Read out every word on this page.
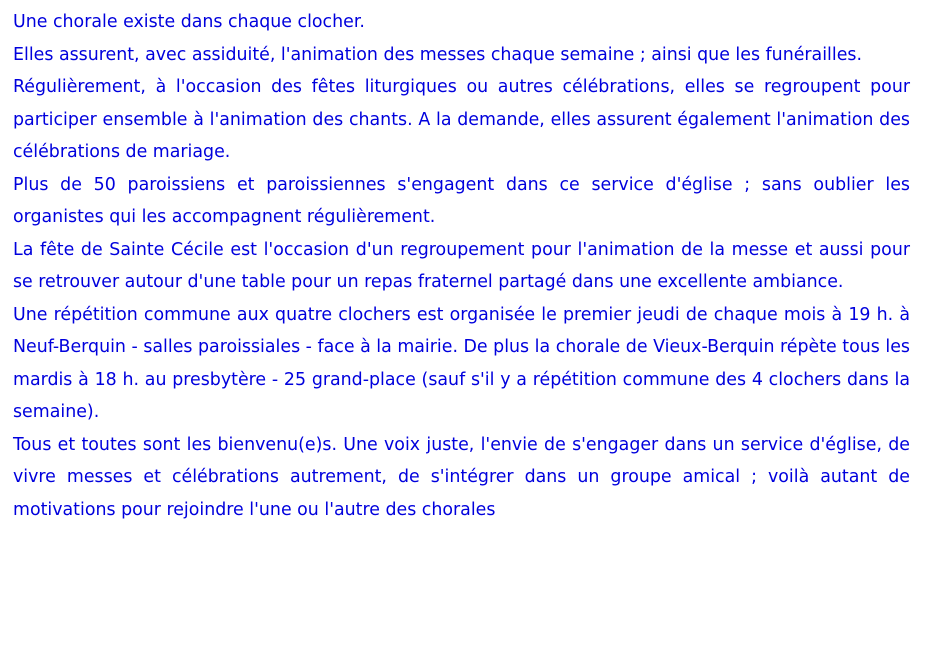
Une chorale existe dans chaque clocher.

Elles assurent, avec assiduité, l'animation des messes chaque semaine ; ainsi que les funérailles.

Régulièrement, à l'occasion des fêtes liturgiques ou autres célébrations, elles se regroupent pour participer ensemble à l'animation des chants. A la demande, elles assurent également l'animation des célébrations de mariage.

Plus de 50 paroissiens et paroissiennes s'engagent dans ce service d'église ; sans oublier les organistes qui les accompagnent régulièrement.

La fête de Sainte Cécile est l'occasion d'un regroupement pour l'animation de la messe et aussi pour se retrouver autour d'une table pour un repas fraternel partagé dans une excellente ambiance.

Une répétition commune aux quatre clochers est organisée le premier jeudi de chaque mois à 19 h. à Neuf-Berquin - salles paroissiales - face à la mairie. De plus la chorale de Vieux-Berquin répète tous les mardis à 18 h. au presbytère - 25 grand-place (sauf s'il y a répétition commune des 4 clochers dans la semaine).

Tous et toutes sont les bienvenu(e)s. Une voix juste, l'envie de s'engager dans un service d'église, de vivre messes et célébrations autrement, de s'intégrer dans un groupe amical ; voilà autant de motivations pour rejoindre l'une ou l'autre des chorales
